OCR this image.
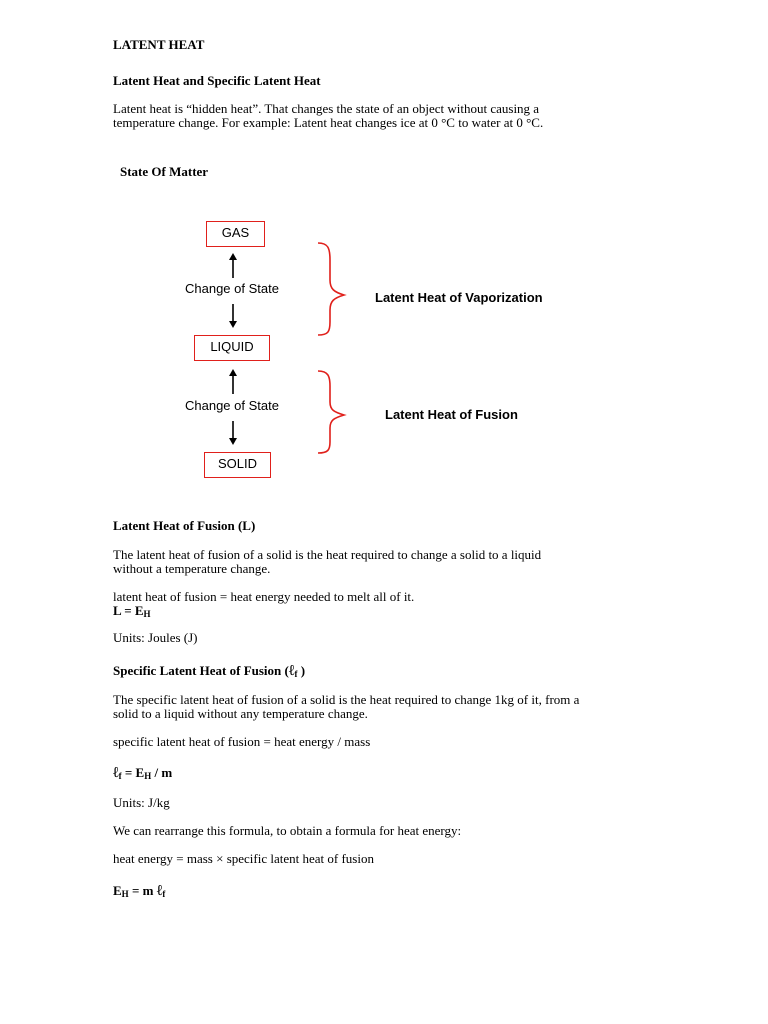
LATENT HEAT

Latent Heat and Specific Latent Heat

Latent heat is “hidden heat”. That changes the state of an object without causing a

temperature change. For example: Latent heat changes ice at 0 °C to water at 0 °C.

State Of Matter

GAS
Change of State
LIQUID
Change of State
SOLID
Latent Heat of Vaporization
Latent Heat of Fusion

Latent Heat of Fusion (L)

The latent heat of fusion of a solid is the heat required to change a solid to a liquid

without a temperature change.

latent heat of fusion = heat energy needed to melt all of it.

$L = E_H$

Units: Joules (J)

Specific Latent Heat of Fusion (ℓ$_f$ )

The specific latent heat of fusion of a solid is the heat required to change 1kg of it, from a

solid to a liquid without any temperature change.

specific latent heat of fusion = heat energy / mass

ℓ$_f$ = $E_H$ / m

Units: J/kg

We can rearrange this formula, to obtain a formula for heat energy:

heat energy = mass × specific latent heat of fusion

$E_H = m$ ℓ$_f$
